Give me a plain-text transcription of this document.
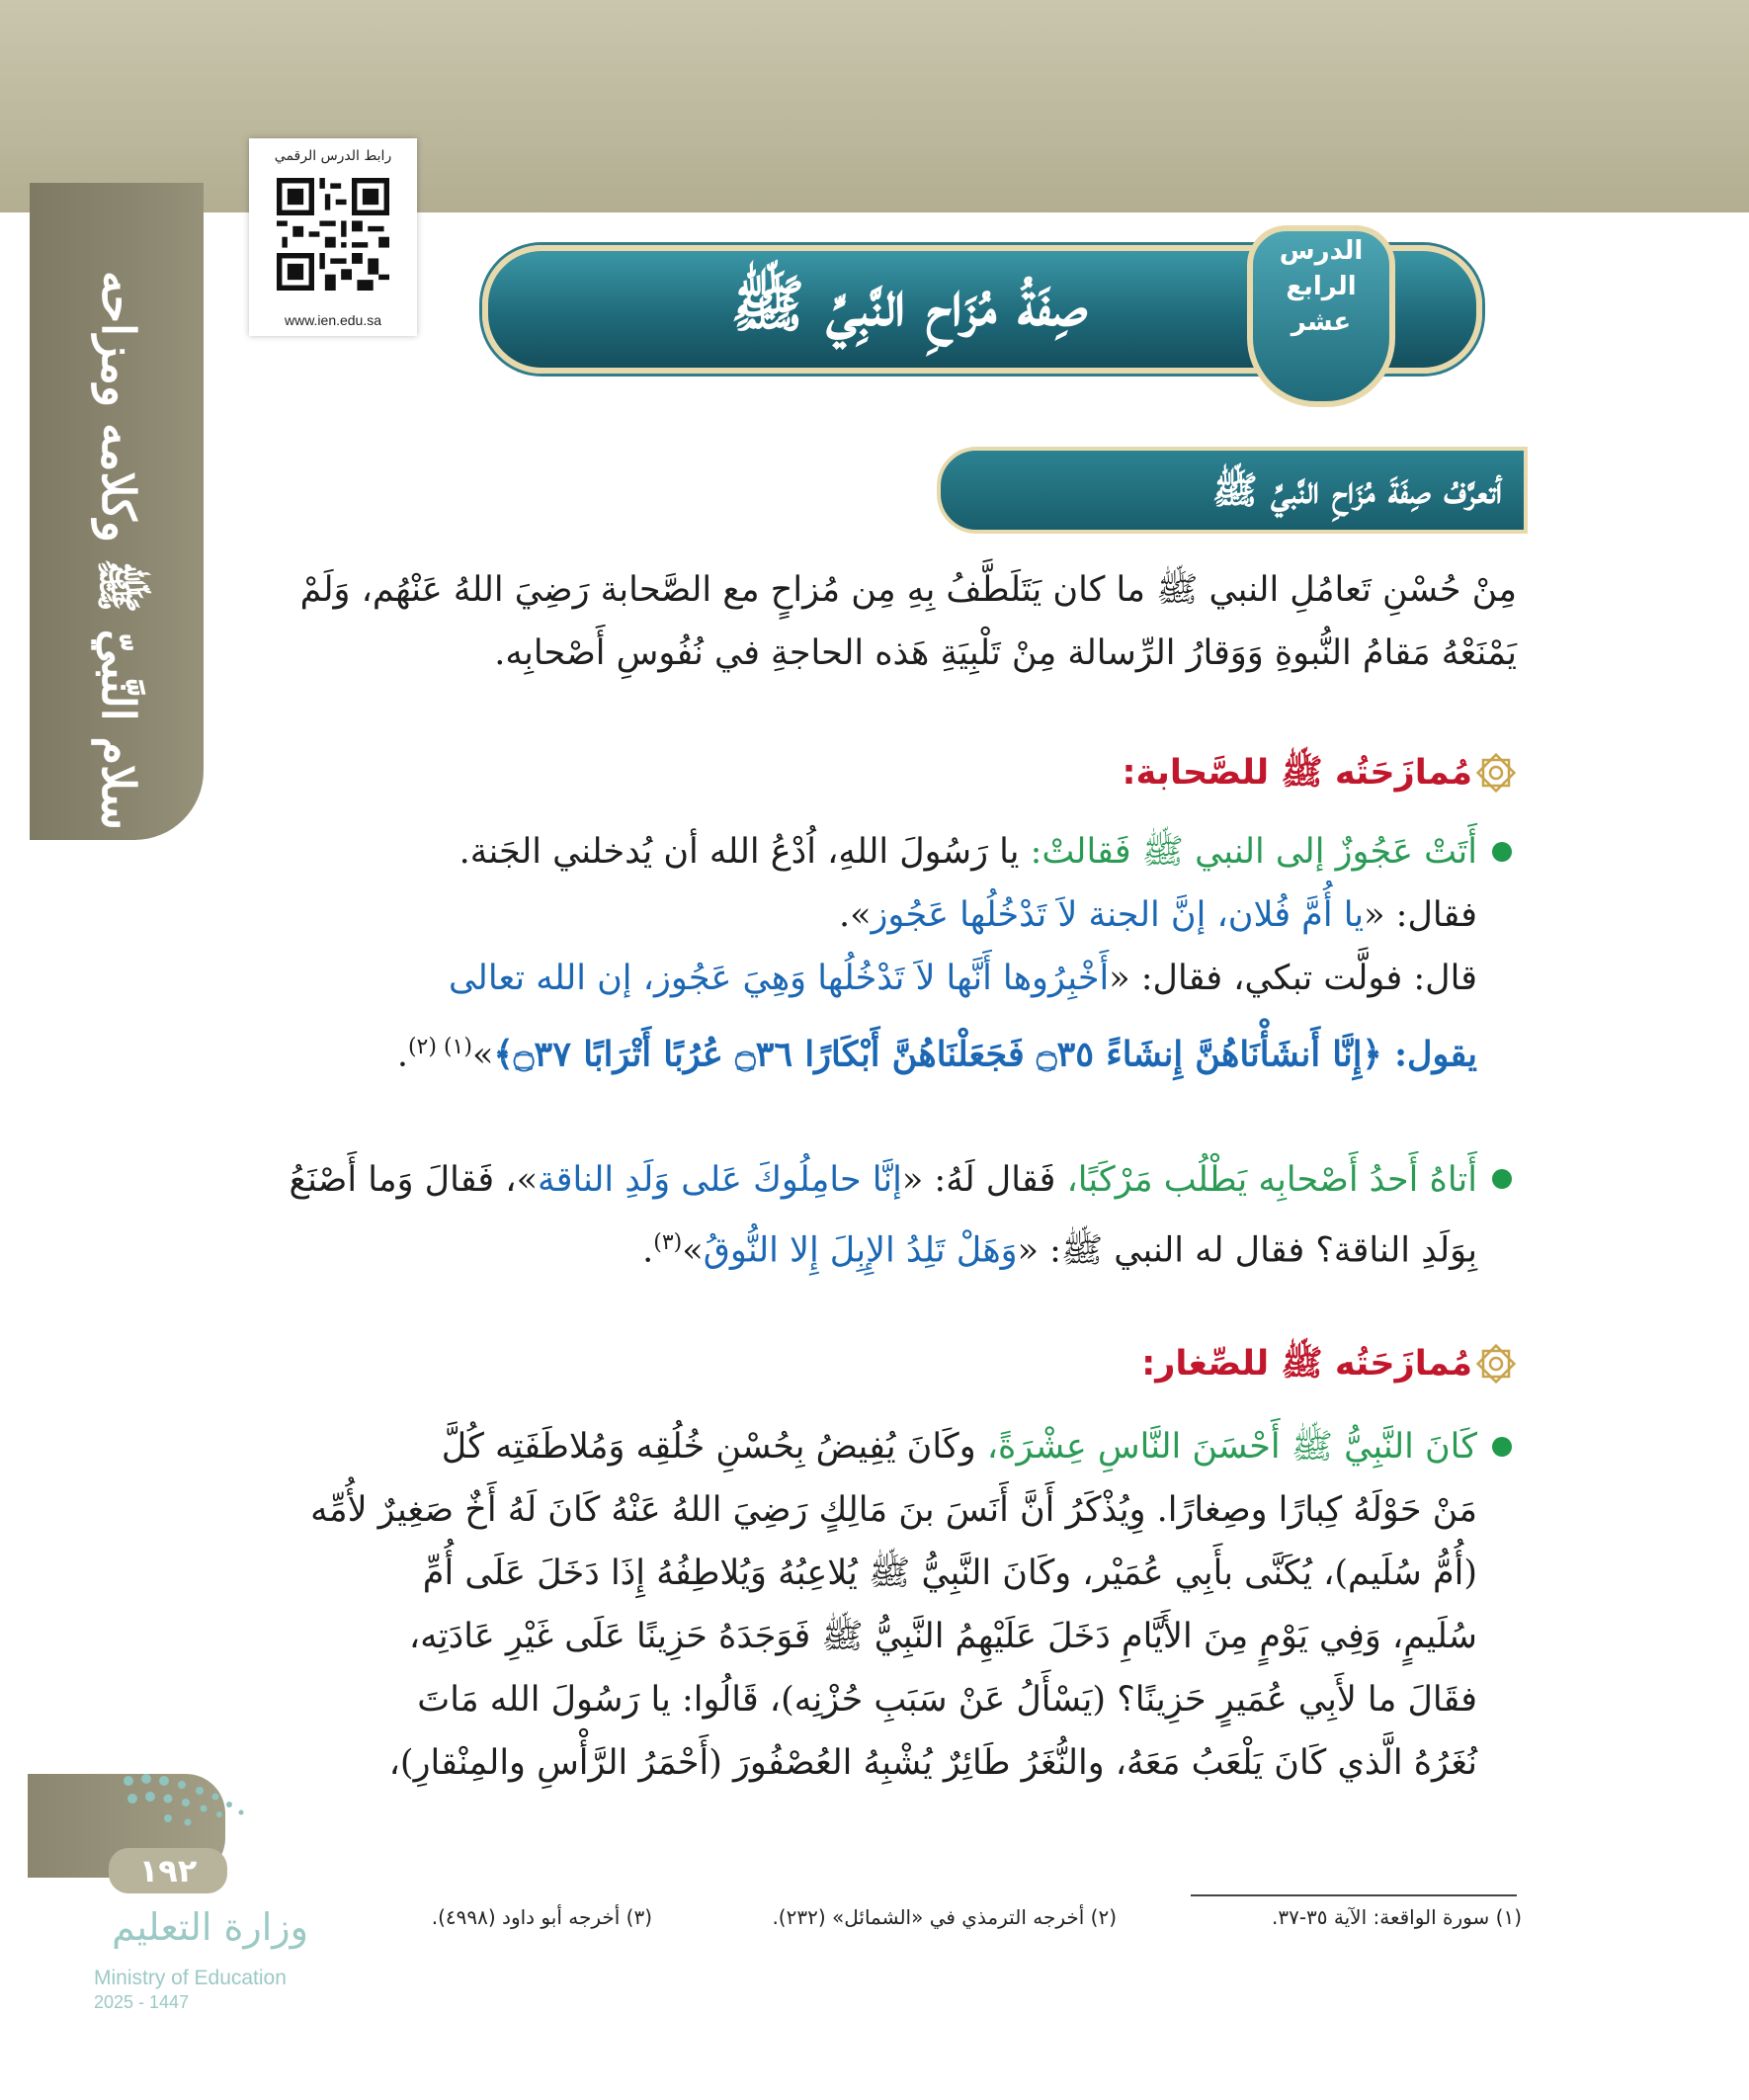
سلام النَّبيّ ﷺ وكلامه ومزاحه
رابط الدرس الرقمي
www.ien.edu.sa	صِفَةُ مُزَاحِ النَّبِيِّ ﷺ
الدرس
الرابع
عشر
أتعرَّفُ صِفَةَ مُزَاحِ النَّبيِّ ﷺ
مِنْ حُسْنِ تَعامُلِ النبي ﷺ ما كان يَتَلَطَّفُ بِهِ مِن مُزاحٍ مع الصَّحابة رَضِيَ اللهُ عَنْهُم، وَلَمْ
يَمْنَعْهُ مَقامُ النُّبوةِ وَوَقارُ الرِّسالة مِنْ تَلْبِيَةِ هَذه الحاجةِ في نُفُوسِ أَصْحابِه.
مُمازَحَتُه ﷺ للصَّحابة:
أَتَتْ عَجُوزٌ إلى النبي ﷺ فَقالتْ: يا رَسُولَ اللهِ، اُدْعُ الله أن يُدخلني الجَنة.
فقال: «يا أُمَّ فُلان، إنَّ الجنة لاَ تَدْخُلُها عَجُوز».
قال: فولَّت تبكي، فقال: «أَخْبِرُوها أَنَّها لاَ تَدْخُلُها وَهِيَ عَجُوز، إن الله تعالى
يقول: ﴿إِنَّا أَنشَأْنَاهُنَّ إِنشَاءً ۝٣٥ فَجَعَلْنَاهُنَّ أَبْكَارًا ۝٣٦ عُرُبًا أَتْرَابًا ۝٣٧﴾»$^{(١) (٢)}$.
أَتاهُ أَحدُ أَصْحابِه يَطْلُب مَرْكَبًا، فَقال لَهُ: «إنَّا حامِلُوكَ عَلى وَلَدِ الناقة»، فَقالَ وَما أَصْنَعُ
بِوَلَدِ الناقة؟ فقال له النبي ﷺ: «وَهَلْ تَلِدُ الإِبِلَ إِلا النُّوقُ»$^{(٣)}$.
مُمازَحَتُه ﷺ للصِّغار:
كَانَ النَّبِيُّ ﷺ أَحْسَنَ النَّاسِ عِشْرَةً، وكَانَ يُفِيضُ بِحُسْنِ خُلُقِه وَمُلاطَفَتِه كُلَّ
مَنْ حَوْلَهُ كِبارًا وصِغارًا. وِيُذْكَرُ أَنَّ أَنَسَ بنَ مَالِكٍ رَضِيَ اللهُ عَنْهُ كَانَ لَهُ أَخٌ صَغِيرٌ لأُمِّه
(أُمُّ سُلَيم)، يُكَنَّى بأَبِي عُمَيْر، وكَانَ النَّبِيُّ ﷺ يُلاعِبُهُ وَيُلاطِفُهُ إِذَا دَخَلَ عَلَى أُمِّ
سُلَيمٍ، وَفِي يَوْمٍ مِنَ الأَيَّامِ دَخَلَ عَلَيْهِمُ النَّبِيُّ ﷺ فَوَجَدَهُ حَزِينًا عَلَى غَيْرِ عَادَتِه،
فقَالَ ما لأَبِي عُمَيرٍ حَزِينًا؟ (يَسْأَلُ عَنْ سَبَبِ حُزْنِه)، قَالُوا: يا رَسُولَ الله مَاتَ
نُغَرُهُ الَّذي كَانَ يَلْعَبُ مَعَهُ، والنُّغَرُ طَائِرٌ يُشْبِهُ العُصْفُورَ (أَحْمَرُ الرَّأْسِ والمِنْقارِ)،
(١) سورة الواقعة: الآية ٣٥-٣٧.
(٢) أخرجه الترمذي في «الشمائل» (٢٣٢).
(٣) أخرجه أبو داود (٤٩٩٨).
١٩٢
وزارة التعليم
Ministry of Education
2025 - 1447
